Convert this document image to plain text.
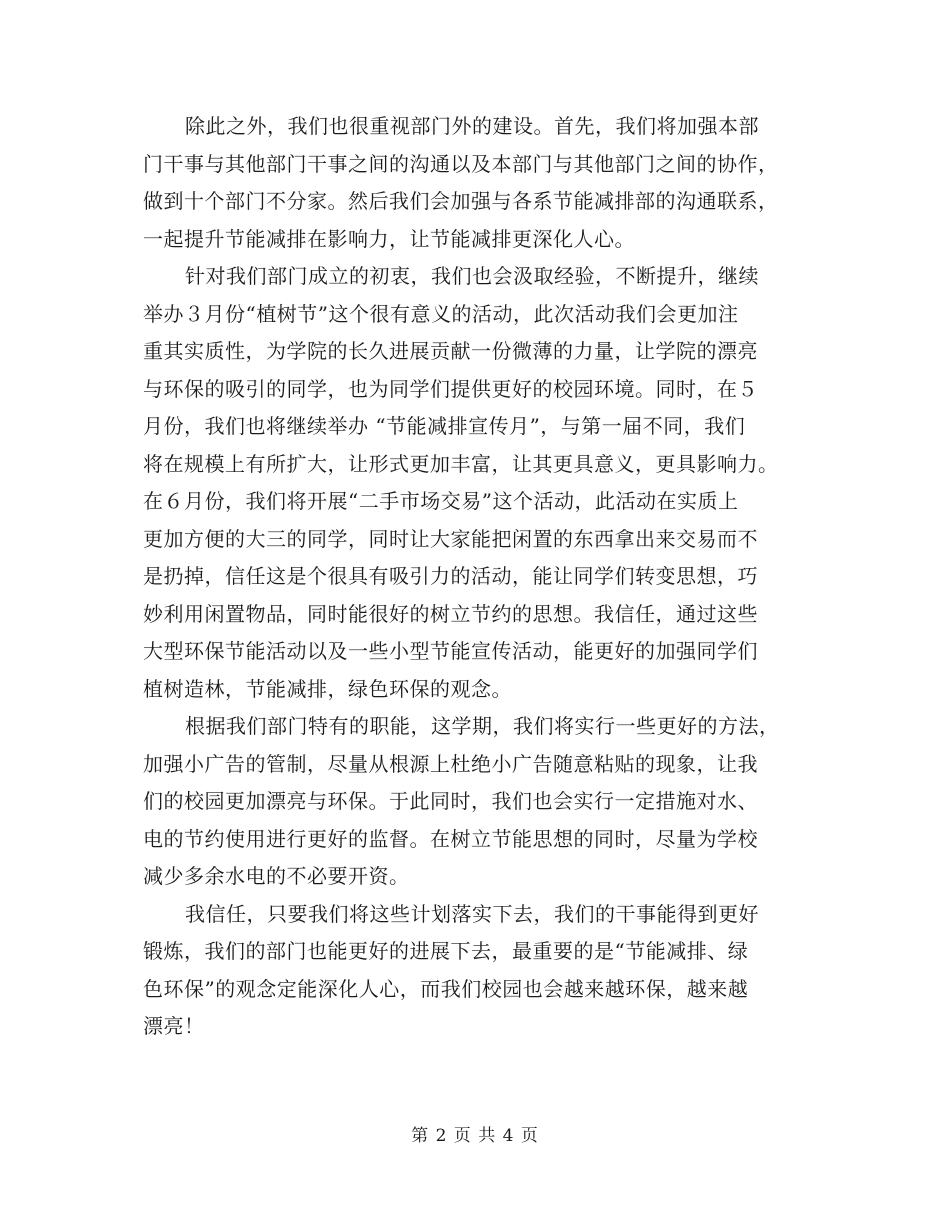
除此之外，我们也很重视部门外的建设。首先，我们将加强本部
门干事与其他部门干事之间的沟通以及本部门与其他部门之间的协作，
做到十个部门不分家。然后我们会加强与各系节能减排部的沟通联系，
一起提升节能减排在影响力，让节能减排更深化人心。

针对我们部门成立的初衷，我们也会汲取经验，不断提升，继续
举办３月份“植树节”这个很有意义的活动，此次活动我们会更加注
重其实质性，为学院的长久进展贡献一份微薄的力量，让学院的漂亮
与环保的吸引的同学，也为同学们提供更好的校园环境。同时，在５
月份，我们也将继续举办 “节能减排宣传月”，与第一届不同，我们
将在规模上有所扩大，让形式更加丰富，让其更具意义，更具影响力。
在６月份，我们将开展“二手市场交易”这个活动，此活动在实质上
更加方便的大三的同学，同时让大家能把闲置的东西拿出来交易而不
是扔掉，信任这是个很具有吸引力的活动，能让同学们转变思想，巧
妙利用闲置物品，同时能很好的树立节约的思想。我信任，通过这些
大型环保节能活动以及一些小型节能宣传活动，能更好的加强同学们
植树造林，节能减排，绿色环保的观念。

根据我们部门特有的职能，这学期，我们将实行一些更好的方法，
加强小广告的管制，尽量从根源上杜绝小广告随意粘贴的现象，让我
们的校园更加漂亮与环保。于此同时，我们也会实行一定措施对水、
电的节约使用进行更好的监督。在树立节能思想的同时，尽量为学校
减少多余水电的不必要开资。

我信任，只要我们将这些计划落实下去，我们的干事能得到更好
锻炼，我们的部门也能更好的进展下去，最重要的是“节能减排、绿
色环保”的观念定能深化人心，而我们校园也会越来越环保，越来越
漂亮！

第 2 页 共 4 页
